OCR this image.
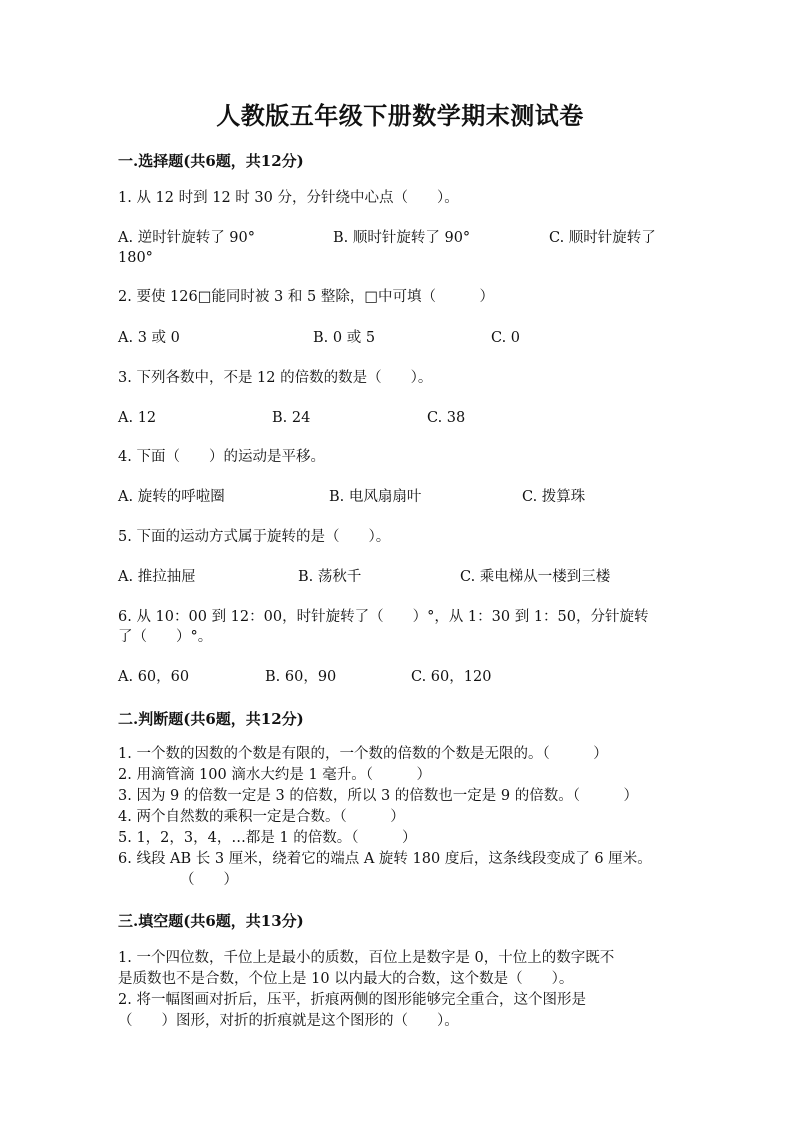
人教版五年级下册数学期末测试卷
一.选择题(共6题，共12分)
1. 从 12 时到 12 时 30 分，分针绕中心点（　　）。
A. 逆时针旋转了 90°	B. 顺时针旋转了 90°	C. 顺时针旋转了
180°
2. 要使 126□能同时被 3 和 5 整除，□中可填（　　　）
A. 3 或 0	B. 0 或 5	C. 0
3. 下列各数中，不是 12 的倍数的数是（　　）。
A. 12	B. 24	C. 38
4. 下面（　　）的运动是平移。
A. 旋转的呼啦圈	B. 电风扇扇叶	C. 拨算珠
5. 下面的运动方式属于旋转的是（　　）。
A. 推拉抽屉	B. 荡秋千	C. 乘电梯从一楼到三楼
6. 从 10：00 到 12：00，时针旋转了（　　）°，从 1：30 到 1：50，分针旋转
了（　　）°。
A. 60，60	B. 60，90	C. 60，120
二.判断题(共6题，共12分)
1. 一个数的因数的个数是有限的，一个数的倍数的个数是无限的。（　　　）
2. 用滴管滴 100 滴水大约是 1 毫升。（　　　）
3. 因为 9 的倍数一定是 3 的倍数，所以 3 的倍数也一定是 9 的倍数。（　　　）
4. 两个自然数的乘积一定是合数。（　　　）
5. 1，2，3，4，…都是 1 的倍数。（　　　）
6. 线段 AB 长 3 厘米，绕着它的端点 A 旋转 180 度后，这条线段变成了 6 厘米。
（　　）
三.填空题(共6题，共13分)
1. 一个四位数，千位上是最小的质数，百位上是数字是 0，十位上的数字既不
是质数也不是合数，个位上是 10 以内最大的合数，这个数是（　　）。
2. 将一幅图画对折后，压平，折痕两侧的图形能够完全重合，这个图形是
（　　）图形，对折的折痕就是这个图形的（　　）。
